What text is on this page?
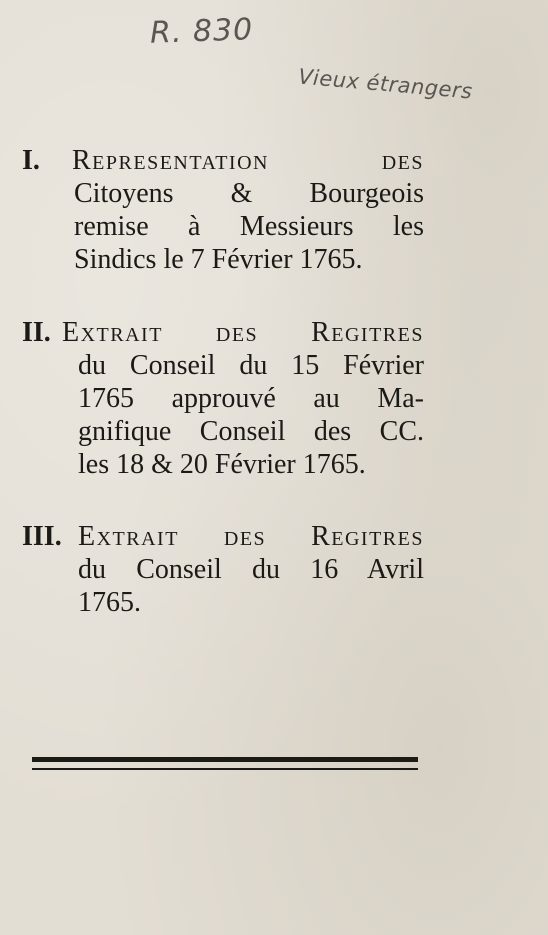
R. 830
Vieux étrangers
I. Representation des
Citoyens & Bourgeois
remise à Messieurs les
Sindics le 7 Février 1765.
II. Extrait des Regitres
du Conseil du 15 Février
1765 approuvé au Ma-
gnifique Conseil des CC.
les 18 & 20 Février 1765.
III. Extrait des Regitres
du Conseil du 16 Avril
1765.
